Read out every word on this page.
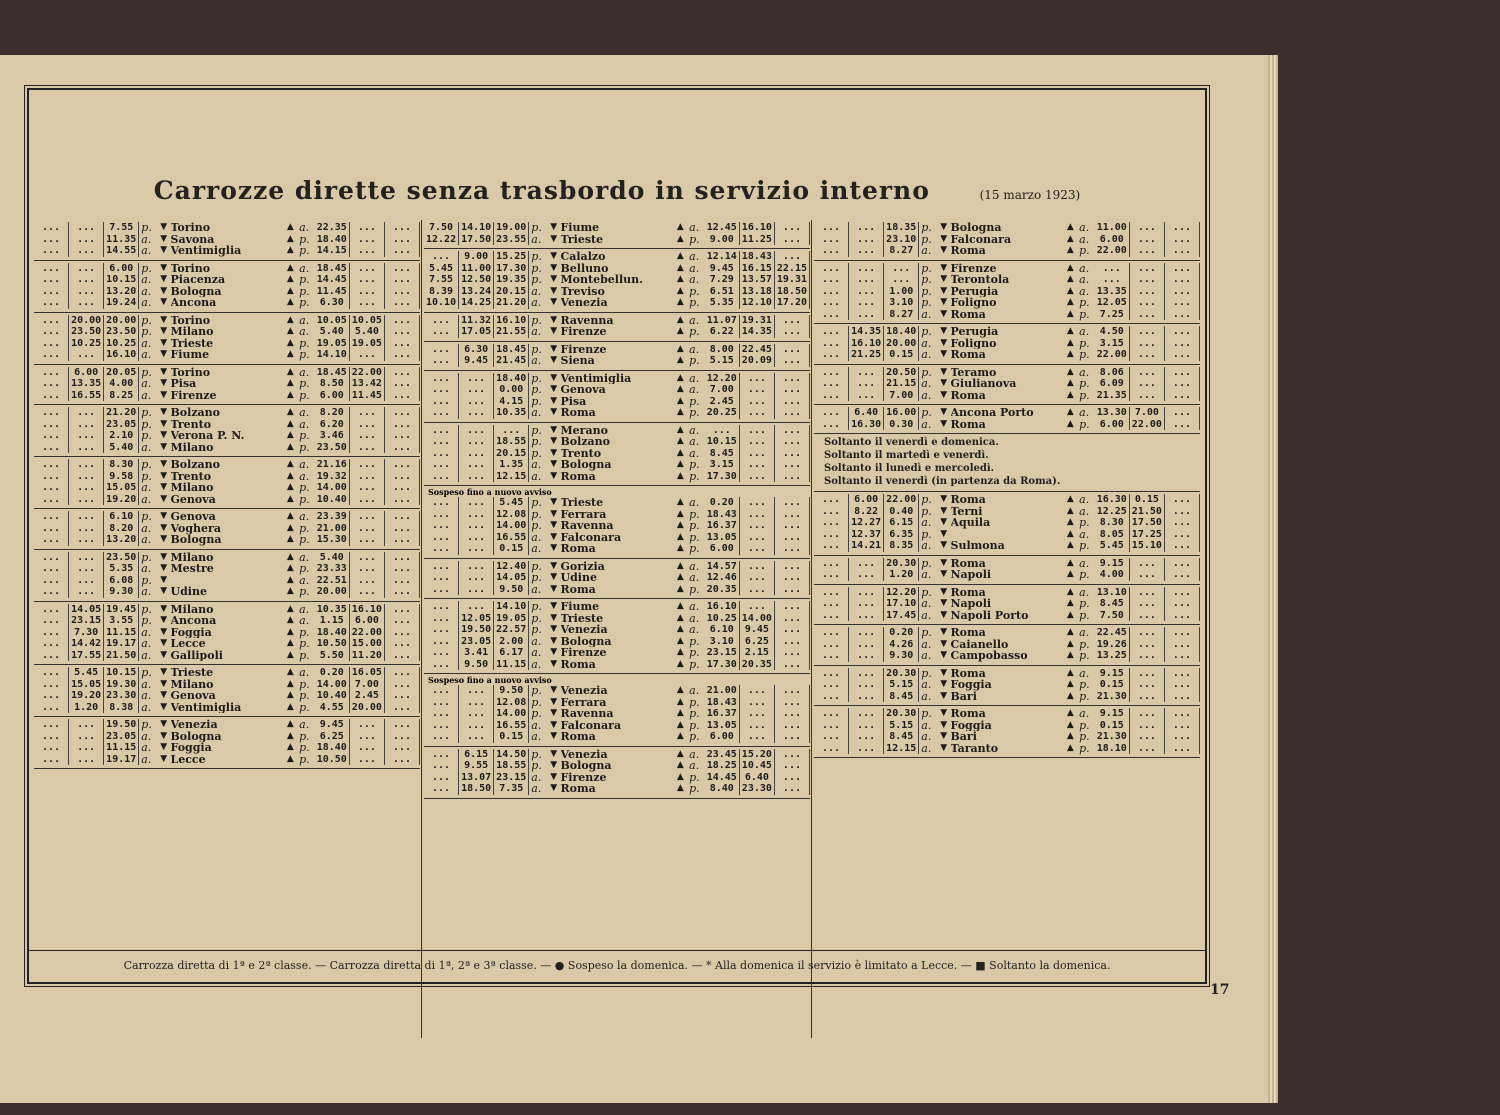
Carrozze dirette senza trasbordo in servizio interno	(15 marzo 1923)
...	...	7.55 p. ▼ Torino	▲ a. 22.35	...	...
...	...	11.35 a. ▼ Savona	▲ p. 18.40	...	...
...	...	14.55 a. ▼ Ventimiglia	▲ p. 14.15	...	...
...	...	6.00 p. ▼ Torino	▲ a. 18.45	...	...
...	...	10.15 a. ▼ Piacenza	▲ p. 14.45	...	...
...	...	13.20 a. ▼ Bologna	▲ p. 11.45	...	...
...	...	19.24 a. ▼ Ancona	▲ p.	6.30	...	...
...	20.00 20.00 p. ▼ Torino	▲ a. 10.05 10.05	...
...	23.50 23.50 p. ▼ Milano	▲ a.	5.40	5.40	...
...	10.25 10.25 a. ▼ Trieste	▲ p. 19.05 19.05	...
...	...	16.10 a. ▼ Fiume	▲ p. 14.10	...	...
...	6.00 20.05 p. ▼ Torino	▲ a. 18.45 22.00	...
...	13.35 4.00 a. ▼ Pisa	▲ p.	8.50 13.42	...
...	16.55 8.25 a. ▼ Firenze	▲ p.	6.00 11.45	...
...	...	21.20 p. ▼ Bolzano	▲ a.	8.20	...	...
...	...	23.05 p. ▼ Trento	▲ a.	6.20	...	...
...	...	2.10 p. ▼ Verona P. N.	▲ p.	3.46	...	...
...	...	5.40 a. ▼ Milano	▲ p. 23.50	...	...
...	...	8.30 p. ▼ Bolzano	▲ a. 21.16	...	...
...	...	9.58 p. ▼ Trento	▲ a. 19.32	...	...
...	...	15.05 a. ▼ Milano	▲ p. 14.00	...	...
...	...	19.20 a. ▼ Genova	▲ p. 10.40	...	...
...	...	6.10 p. ▼ Genova	▲ a. 23.39	...	...
...	...	8.20 a. ▼ Voghera	▲ p. 21.00	...	...
...	...	13.20 a. ▼ Bologna	▲ p. 15.30	...	...
...	...	23.50 p. ▼ Milano	▲ a.	5.40	...	...
...	...	5.35 a. ▼ Mestre	▲ p. 23.33	...	...
...	...	6.08 p. ▼	▲ a. 22.51	...	...
...	...	9.30 a. ▼ Udine	▲ p. 20.00	...	...
...	14.05 19.45 p. ▼ Milano	▲ a. 10.35 16.10	...
...	23.15 3.55 p. ▼ Ancona	▲ a.	1.15	6.00	...
...	7.30 11.15 a. ▼ Foggia	▲ p. 18.40 22.00	...
...	14.42 19.17 a. ▼ Lecce	▲ p. 10.50 15.00	...
...	17.55 21.50 a. ▼ Gallipoli	▲ p.	5.50 11.20	...
...	5.45 10.15 p. ▼ Trieste	▲ a.	0.20 16.05	...
...	15.05 19.30 a. ▼ Milano	▲ p. 14.00 7.00	...
...	19.20 23.30 a. ▼ Genova	▲ p. 10.40 2.45	...
...	1.20	8.38 a. ▼ Ventimiglia	▲ p.	4.55 20.00	...
...	...	19.50 p. ▼ Venezia	▲ a.	9.45	...	...
...	...	23.05 a. ▼ Bologna	▲ p.	6.25	...	...
...	...	11.15 a. ▼ Foggia	▲ p. 18.40	...	...
...	...	19.17 a. ▼ Lecce	▲ p. 10.50	...	...
7.50 14.10 19.00 p. ▼ Fiume	▲ a. 12.45 16.10	...
12.22 17.50 23.55 a. ▼ Trieste	▲ p.	9.00 11.25	...
...	9.00 15.25 p. ▼ Calalzo	▲ a. 12.14 18.43	...
5.45 11.00 17.30 p. ▼ Belluno	▲ a.	9.45 16.15 22.15
7.55 12.50 19.35 p. ▼ Montebellun.	▲ a.	7.29 13.57 19.31
8.39 13.24 20.15 a. ▼ Treviso	▲ p.	6.51 13.18 18.50
10.10 14.25 21.20 a. ▼ Venezia	▲ p.	5.35 12.10 17.20
...	11.32 16.10 p. ▼ Ravenna	▲ a. 11.07 19.31	...
...	17.05 21.55 a. ▼ Firenze	▲ p.	6.22 14.35	...
...	6.30 18.45 p. ▼ Firenze	▲ a.	8.00 22.45	...
...	9.45 21.45 a. ▼ Siena	▲ p.	5.15 20.09	...
...	...	18.40 p. ▼ Ventimiglia	▲ a. 12.20	...	...
...	...	0.00 p. ▼ Genova	▲ a.	7.00	...	...
...	...	4.15 p. ▼ Pisa	▲ p.	2.45	...	...
...	...	10.35 a. ▼ Roma	▲ p. 20.25	...	...
...	...	...	p. ▼ Merano	▲ a.	...	...	...
...	...	18.55 p. ▼ Bolzano	▲ a. 10.15	...	...
...	...	20.15 p. ▼ Trento	▲ a.	8.45	...	...
...	...	1.35 a. ▼ Bologna	▲ p.	3.15	...	...
...	...	12.15 a. ▼ Roma	▲ p. 17.30	...	...
Sospeso fino a nuovo avviso
...	...	5.45 p. ▼ Trieste	▲ a.	0.20	...	...
...	...	12.08 p. ▼ Ferrara	▲ p. 18.43	...	...
...	...	14.00 p. ▼ Ravenna	▲ p. 16.37	...	...
...	...	16.55 a. ▼ Falconara	▲ p. 13.05	...	...
...	...	0.15 a. ▼ Roma	▲ p.	6.00	...	...
...	...	12.40 p. ▼ Gorizia	▲ a. 14.57	...	...
...	...	14.05 p. ▼ Udine	▲ a. 12.46	...	...
...	...	9.50 a. ▼ Roma	▲ p. 20.35	...	...
...	...	14.10 p. ▼ Fiume	▲ a. 16.10	...	...
...	12.05 19.05 p. ▼ Trieste	▲ a. 10.25 14.00	...
...	19.50 22.57 p. ▼ Venezia	▲ a.	6.10	9.45	...
...	23.05 2.00 a. ▼ Bologna	▲ p.	3.10	6.25	...
...	3.41	6.17 a. ▼ Firenze	▲ p. 23.15 2.15	...
...	9.50 11.15 a. ▼ Roma	▲ p. 17.30 20.35	...
Sospeso fino a nuovo avviso
...	...	9.50 p. ▼ Venezia	▲ a. 21.00	...	...
...	...	12.08 p. ▼ Ferrara	▲ p. 18.43	...	...
...	...	14.00 p. ▼ Ravenna	▲ p. 16.37	...	...
...	...	16.55 a. ▼ Falconara	▲ p. 13.05	...	...
...	...	0.15 a. ▼ Roma	▲ p.	6.00	...	...
...	6.15 14.50 p. ▼ Venezia	▲ a. 23.45 15.20	...
...	9.55 18.55 p. ▼ Bologna	▲ a. 18.25 10.45	...
...	13.07 23.15 a. ▼ Firenze	▲ p. 14.45 6.40	...
...	18.50 7.35 a. ▼ Roma	▲ p.	8.40 23.30	...
...	...	18.35 p. ▼ Bologna	▲ a. 11.00	...	...
...	...	23.10 p. ▼ Falconara	▲ a.	6.00	...	...
...	...	8.27 a. ▼ Roma	▲ p. 22.00	...	...
...	...	...	p. ▼ Firenze	▲ a.	...	...	...
...	...	...	p. ▼ Terontola	▲ a.	...	...	...
...	...	1.00 p. ▼ Perugia	▲ a. 13.35	...	...
...	...	3.10 p. ▼ Foligno	▲ p. 12.05	...	...
...	...	8.27 a. ▼ Roma	▲ p.	7.25	...	...
...	14.35 18.40 p. ▼ Perugia	▲ a.	4.50	...	...
...	16.10 20.00 a. ▼ Foligno	▲ p.	3.15	...	...
...	21.25 0.15 a. ▼ Roma	▲ p. 22.00	...	...
...	...	20.50 p. ▼ Teramo	▲ a.	8.06	...	...
...	...	21.15 a. ▼ Giulianova	▲ p.	6.09	...	...
...	...	7.00 a. ▼ Roma	▲ p. 21.35	...	...
...	6.40 16.00 p. ▼ Ancona Porto	▲ a. 13.30 7.00	...
...	16.30 0.30 a. ▼ Roma	▲ p.	6.00 22.00	...
Soltanto il venerdì e domenica.
Soltanto il martedì e venerdì.
Soltanto il lunedì e mercoledì.
Soltanto il venerdì (in partenza da Roma).
...	6.00 22.00 p. ▼ Roma	▲ a. 16.30 0.15	...
...	8.22	0.40 p. ▼ Terni	▲ a. 12.25 21.50	...
...	12.27 6.15 a. ▼ Aquila	▲ p.	8.30 17.50	...
...	12.37 6.35 p. ▼	▲ a.	8.05 17.25	...
...	14.21 8.35 a. ▼ Sulmona	▲ p.	5.45 15.10	...
...	...	20.30 p. ▼ Roma	▲ a.	9.15	...	...
...	...	1.20 a. ▼ Napoli	▲ p.	4.00	...	...
...	...	12.20 p. ▼ Roma	▲ a. 13.10	...	...
...	...	17.10 a. ▼ Napoli	▲ p.	8.45	...	...
...	...	17.45 a. ▼ Napoli Porto	▲ p.	7.50	...	...
...	...	0.20 p. ▼ Roma	▲ a. 22.45	...	...
...	...	4.26 a. ▼ Caianello	▲ p. 19.26	...	...
...	...	9.30 a. ▼ Campobasso	▲ p. 13.25	...	...
...	...	20.30 p. ▼ Roma	▲ a.	9.15	...	...
...	...	5.15 a. ▼ Foggia	▲ p.	0.15	...	...
...	...	8.45 a. ▼ Bari	▲ p. 21.30	...	...
...	...	20.30 p. ▼ Roma	▲ a.	9.15	...	...
...	...	5.15 a. ▼ Foggia	▲ p.	0.15	...	...
...	...	8.45 a. ▼ Bari	▲ p. 21.30	...	...
...	...	12.15 a. ▼ Taranto	▲ p. 18.10	...	...
Carrozza diretta di 1ª e 2ª classe. — Carrozza diretta di 1ª, 2ª e 3ª classe. — ● Sospeso la domenica. — * Alla domenica il servizio è limitato a Lecce. — ■ Soltanto la domenica.
17
